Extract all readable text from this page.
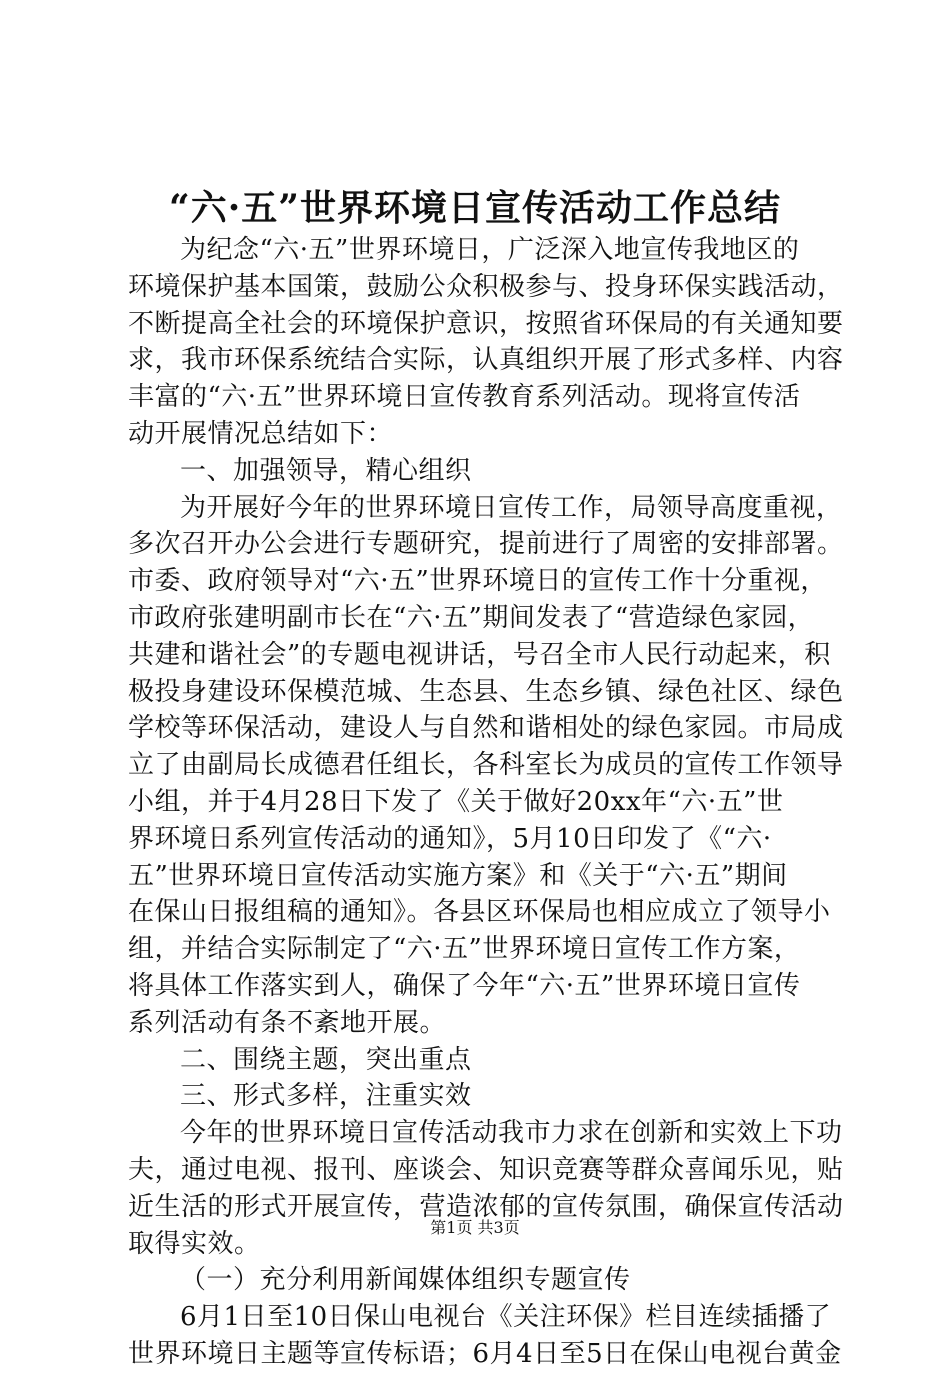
“六·五”世界环境日宣传活动工作总结
为纪念“六·五”世界环境日，广泛深入地宣传我地区的
环境保护基本国策，鼓励公众积极参与、投身环保实践活动，
不断提高全社会的环境保护意识，按照省环保局的有关通知要
求，我市环保系统结合实际，认真组织开展了形式多样、内容
丰富的“六·五”世界环境日宣传教育系列活动。现将宣传活
动开展情况总结如下：
一、加强领导，精心组织
为开展好今年的世界环境日宣传工作，局领导高度重视，
多次召开办公会进行专题研究，提前进行了周密的安排部署。
市委、政府领导对“六·五”世界环境日的宣传工作十分重视，
市政府张建明副市长在“六·五”期间发表了“营造绿色家园，
共建和谐社会”的专题电视讲话，号召全市人民行动起来，积
极投身建设环保模范城、生态县、生态乡镇、绿色社区、绿色
学校等环保活动，建设人与自然和谐相处的绿色家园。市局成
立了由副局长成德君任组长，各科室长为成员的宣传工作领导
小组，并于4月28日下发了《关于做好20xx年“六·五”世
界环境日系列宣传活动的通知》，5月10日印发了《“六·
五”世界环境日宣传活动实施方案》和《关于“六·五”期间
在保山日报组稿的通知》。各县区环保局也相应成立了领导小
组，并结合实际制定了“六·五”世界环境日宣传工作方案，
将具体工作落实到人，确保了今年“六·五”世界环境日宣传
系列活动有条不紊地开展。
二、围绕主题，突出重点
三、形式多样，注重实效
今年的世界环境日宣传活动我市力求在创新和实效上下功
夫，通过电视、报刊、座谈会、知识竞赛等群众喜闻乐见，贴
近生活的形式开展宣传，营造浓郁的宣传氛围，确保宣传活动
取得实效。
（一）充分利用新闻媒体组织专题宣传
6月1日至10日保山电视台《关注环保》栏目连续插播了
世界环境日主题等宣传标语；6月4日至5日在保山电视台黄金
第1页 共3页
